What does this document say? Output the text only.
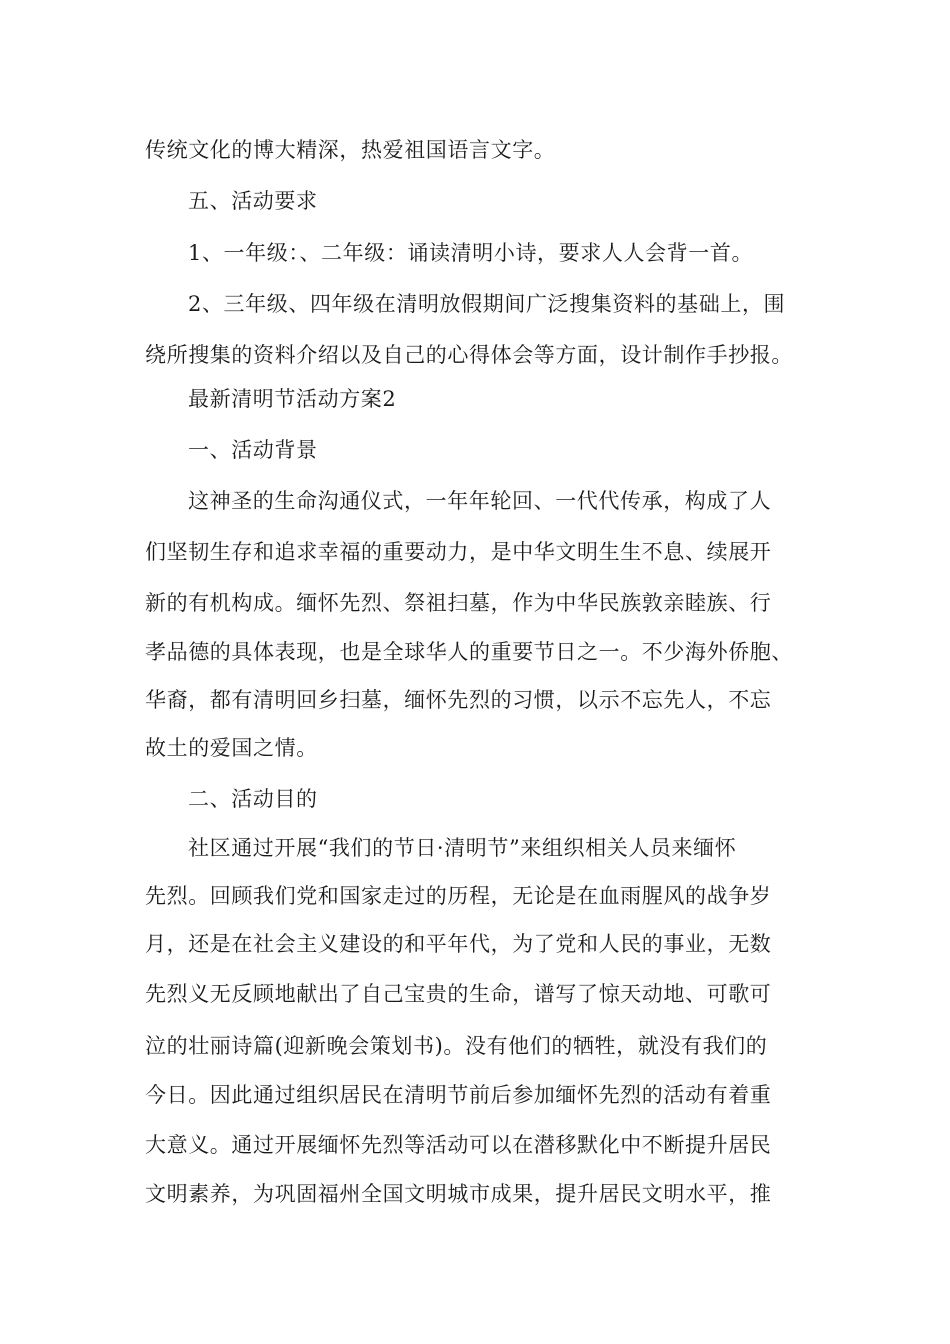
传统文化的博大精深，热爱祖国语言文字。
五、活动要求
1、一年级：、二年级：诵读清明小诗，要求人人会背一首。
2、三年级、四年级在清明放假期间广泛搜集资料的基础上，围
绕所搜集的资料介绍以及自己的心得体会等方面，设计制作手抄报。
最新清明节活动方案2
一、活动背景
这神圣的生命沟通仪式，一年年轮回、一代代传承，构成了人
们坚韧生存和追求幸福的重要动力，是中华文明生生不息、续展开
新的有机构成。缅怀先烈、祭祖扫墓，作为中华民族敦亲睦族、行
孝品德的具体表现，也是全球华人的重要节日之一。不少海外侨胞、
华裔，都有清明回乡扫墓，缅怀先烈的习惯，以示不忘先人，不忘
故土的爱国之情。
二、活动目的
社区通过开展“我们的节日·清明节”来组织相关人员来缅怀
先烈。回顾我们党和国家走过的历程，无论是在血雨腥风的战争岁
月，还是在社会主义建设的和平年代，为了党和人民的事业，无数
先烈义无反顾地献出了自己宝贵的生命，谱写了惊天动地、可歌可
泣的壮丽诗篇(迎新晚会策划书)。没有他们的牺牲，就没有我们的
今日。因此通过组织居民在清明节前后参加缅怀先烈的活动有着重
大意义。通过开展缅怀先烈等活动可以在潜移默化中不断提升居民
文明素养，为巩固福州全国文明城市成果，提升居民文明水平，推
